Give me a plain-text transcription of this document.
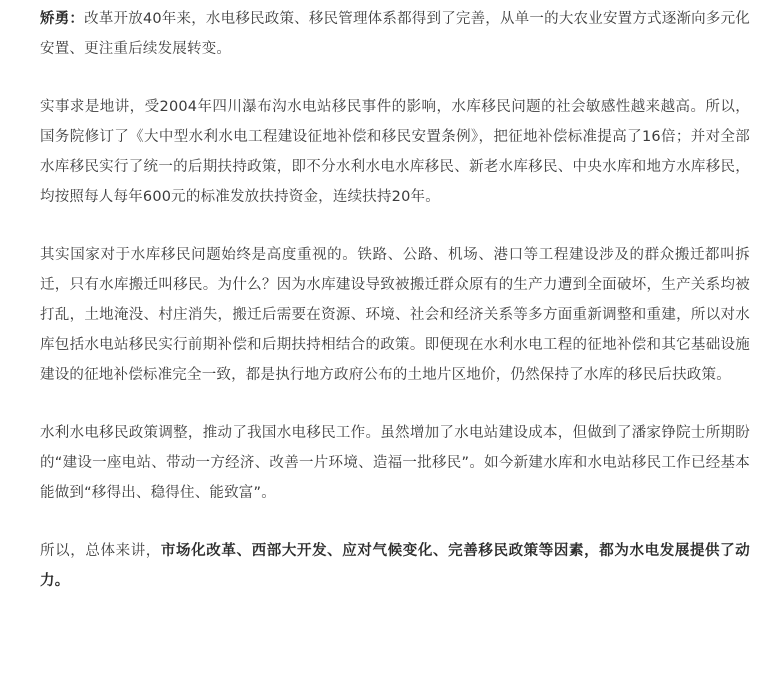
矫勇：改革开放40年来，水电移民政策、移民管理体系都得到了完善，从单一的大农业安置方式逐渐向多元化安置、更注重后续发展转变。

实事求是地讲，受2004年四川瀑布沟水电站移民事件的影响，水库移民问题的社会敏感性越来越高。所以，国务院修订了《大中型水利水电工程建设征地补偿和移民安置条例》，把征地补偿标准提高了16倍；并对全部水库移民实行了统一的后期扶持政策，即不分水利水电水库移民、新老水库移民、中央水库和地方水库移民，均按照每人每年600元的标准发放扶持资金，连续扶持20年。

其实国家对于水库移民问题始终是高度重视的。铁路、公路、机场、港口等工程建设涉及的群众搬迁都叫拆迁，只有水库搬迁叫移民。为什么？因为水库建设导致被搬迁群众原有的生产力遭到全面破坏，生产关系均被打乱，土地淹没、村庄消失，搬迁后需要在资源、环境、社会和经济关系等多方面重新调整和重建，所以对水库包括水电站移民实行前期补偿和后期扶持相结合的政策。即便现在水利水电工程的征地补偿和其它基础设施建设的征地补偿标准完全一致，都是执行地方政府公布的土地片区地价，仍然保持了水库的移民后扶政策。

水利水电移民政策调整，推动了我国水电移民工作。虽然增加了水电站建设成本，但做到了潘家铮院士所期盼的“建设一座电站、带动一方经济、改善一片环境、造福一批移民”。如今新建水库和水电站移民工作已经基本能做到“移得出、稳得住、能致富”。

所以，总体来讲，市场化改革、西部大开发、应对气候变化、完善移民政策等因素，都为水电发展提供了动力。
